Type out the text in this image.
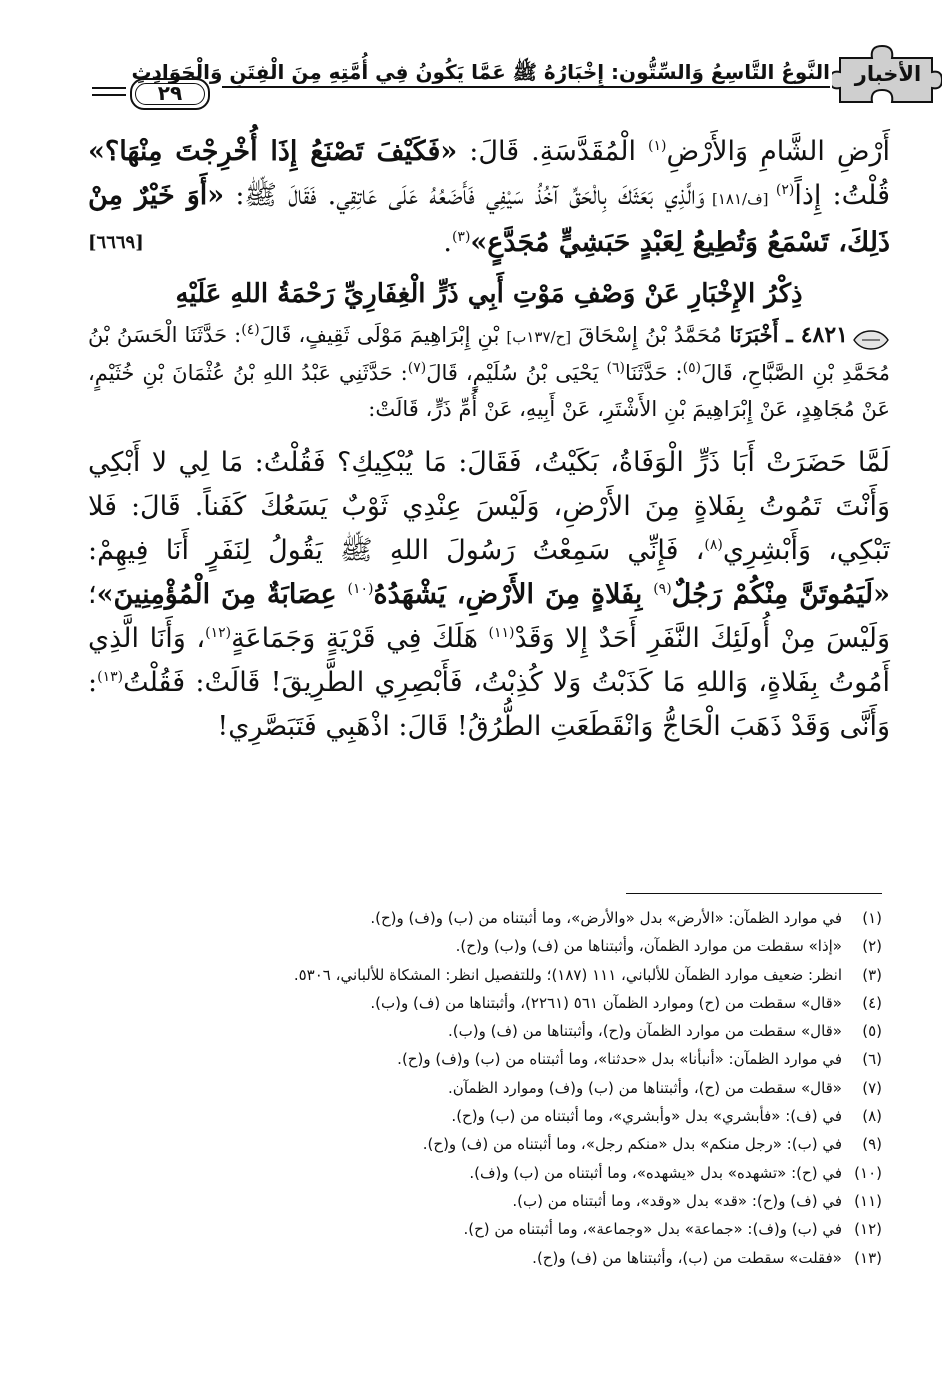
الأخبار
النَّوعُ التَّاسِعُ وَالسِّتُّون: إِخْبَارُهُ ﷺ عَمَّا يَكُونُ فِي أُمَّتِهِ مِنَ الْفِتَنِ وَالْحَوَادِثِ
٢٩

أَرْضِ الشَّامِ وَالأَرْضِ$^{(١)}$ الْمُقَدَّسَةِ. قَالَ: «فَكَيْفَ تَصْنَعُ إِذَا أُخْرِجْتَ مِنْهَا؟» قُلْتُ: إِذاً$^{(٢)}$ [ف/١٨١] وَالَّذِي بَعَثَكَ بِالْحَقِّ آخُذُ سَيْفِي فَأَضَعُهُ عَلَى عَاتِقِي. فَقَالَ ﷺ: «أَوَ خَيْرٌ مِنْ ذَلِكَ، تَسْمَعُ وَتُطِيعُ لِعَبْدٍ حَبَشِيٍّ مُجَدَّعٍ»$^{(٣)}$.
[٦٦٦٩]

ذِكْرُ الإِخْبَارِ عَنْ وَصْفِ مَوْتِ أَبِي ذَرٍّ الْغِفَارِيِّ رَحْمَةُ اللهِ عَلَيْهِ

٤٨٢١ ـ أَخْبَرَنَا مُحَمَّدُ بْنُ إِسْحَاقَ [ح/١٣٧ب] بْنِ إِبْرَاهِيمَ مَوْلَى ثَقِيفٍ، قَالَ$^{(٤)}$: حَدَّثَنَا الْحَسَنُ بْنُ مُحَمَّدِ بْنِ الصَّبَّاحِ، قَالَ$^{(٥)}$: حَدَّثَنَا$^{(٦)}$ يَحْيَى بْنُ سُلَيْمٍ، قَالَ$^{(٧)}$: حَدَّثَنِي عَبْدُ اللهِ بْنُ عُثْمَانَ بْنِ خُثَيْمٍ، عَنْ مُجَاهِدٍ، عَنْ إِبْرَاهِيمَ بْنِ الأَشْتَرِ، عَنْ أَبِيهِ، عَنْ أُمِّ ذَرٍّ، قَالَتْ:

لَمَّا حَضَرَتْ أَبَا ذَرٍّ الْوَفَاةُ، بَكَيْتُ، فَقَالَ: مَا يُبْكِيكِ؟ فَقُلْتُ: مَا لِي لا أَبْكِي وَأَنْتَ تَمُوتُ بِفَلاةٍ مِنَ الأَرْضِ، وَلَيْسَ عِنْدِي ثَوْبٌ يَسَعُكَ كَفَناً. قَالَ: فَلا تَبْكِي، وَأَبْشِرِي$^{(٨)}$، فَإِنِّي سَمِعْتُ رَسُولَ اللهِ ﷺ يَقُولُ لِنَفَرٍ أَنَا فِيهِمْ: «لَيَمُوتَنَّ مِنْكُمْ رَجُلٌ$^{(٩)}$ بِفَلاةٍ مِنَ الأَرْضِ، يَشْهَدُهُ$^{(١٠)}$ عِصَابَةٌ مِنَ الْمُؤْمِنِينَ»؛ وَلَيْسَ مِنْ أُولَئِكَ النَّفَرِ أَحَدٌ إِلا وَقَدْ$^{(١١)}$ هَلَكَ فِي قَرْيَةٍ وَجَمَاعَةٍ$^{(١٢)}$، وَأَنَا الَّذِي أَمُوتُ بِفَلاةٍ، وَاللهِ مَا كَذَبْتُ وَلا كُذِبْتُ، فَأَبْصِرِي الطَّرِيقَ! قَالَتْ: فَقُلْتُ$^{(١٣)}$: وَأَنَّى وَقَدْ ذَهَبَ الْحَاجُّ وَانْقَطَعَتِ الطُّرُقُ! قَالَ: اذْهَبِي فَتَبَصَّرِي!

(١)في موارد الظمآن: «الأرض» بدل «والأرض»، وما أثبتناه من (ب) و(ف) و(ح).
(٢)«إذا» سقطت من موارد الظمآن، وأثبتناها من (ف) و(ب) و(ح).
(٣)انظر: ضعيف موارد الظمآن للألباني، ١١١ (١٨٧)؛ وللتفصيل انظر: المشكاة للألباني، ٥٣٠٦.
(٤)«قال» سقطت من (ح) وموارد الظمآن ٥٦١ (٢٢٦١)، وأثبتناها من (ف) و(ب).
(٥)«قال» سقطت من موارد الظمآن و(ح)، وأثبتناها من (ف) و(ب).
(٦)في موارد الظمآن: «أنبأنا» بدل «حدثنا»، وما أثبتناه من (ب) و(ف) و(ح).
(٧)«قال» سقطت من (ح)، وأثبتناها من (ب) و(ف) وموارد الظمآن.
(٨)في (ف): «فأبشري» بدل «وأبشري»، وما أثبتناه من (ب) و(ح).
(٩)في (ب): «رجل منكم» بدل «منكم رجل»، وما أثبتناه من (ف) و(ح).
(١٠)في (ح): «تشهده» بدل «يشهده»، وما أثبتناه من (ب) و(ف).
(١١)في (ف) و(ح): «قد» بدل «وقد»، وما أثبتناه من (ب).
(١٢)في (ب) و(ف): «جماعة» بدل «وجماعة»، وما أثبتناه من (ح).
(١٣)«فقلت» سقطت من (ب)، وأثبتناها من (ف) و(ح).
